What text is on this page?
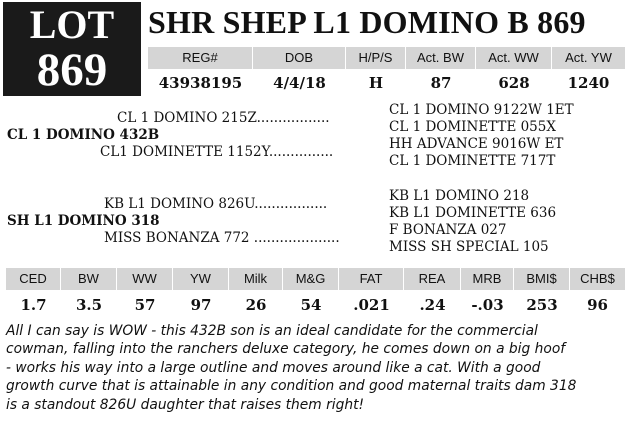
LOT
869
SHR SHEP L1 DOMINO B 869
REG#	DOB	H/P/S	Act. BW	Act. WW	Act. YW
43938195	4/4/18	H	87	628	1240
CL 1 DOMINO 215Z.................
CL 1 DOMINO 432B
CL1 DOMINETTE 1152Y...............
CL 1 DOMINO 9122W 1ET
CL 1 DOMINETTE 055X
HH ADVANCE 9016W ET
CL 1 DOMINETTE 717T
KB L1 DOMINO 826U.................
SH L1 DOMINO 318
MISS BONANZA 772 ....................
KB L1 DOMINO 218
KB L1 DOMINETTE 636
F BONANZA 027
MISS SH SPECIAL 105
CED	BW	WW	YW	Milk	M&G	FAT	REA	MRB	BMI$	CHB$
1.7	3.5	57	97	26	54	.021	.24	-.03	253	96
All I can say is WOW - this 432B son is an ideal candidate for the commercial
cowman, falling into the ranchers deluxe category, he comes down on a big hoof
- works his way into a large outline and moves around like a cat. With a good
growth curve that is attainable in any condition and good maternal traits dam 318
is a standout 826U daughter that raises them right!
